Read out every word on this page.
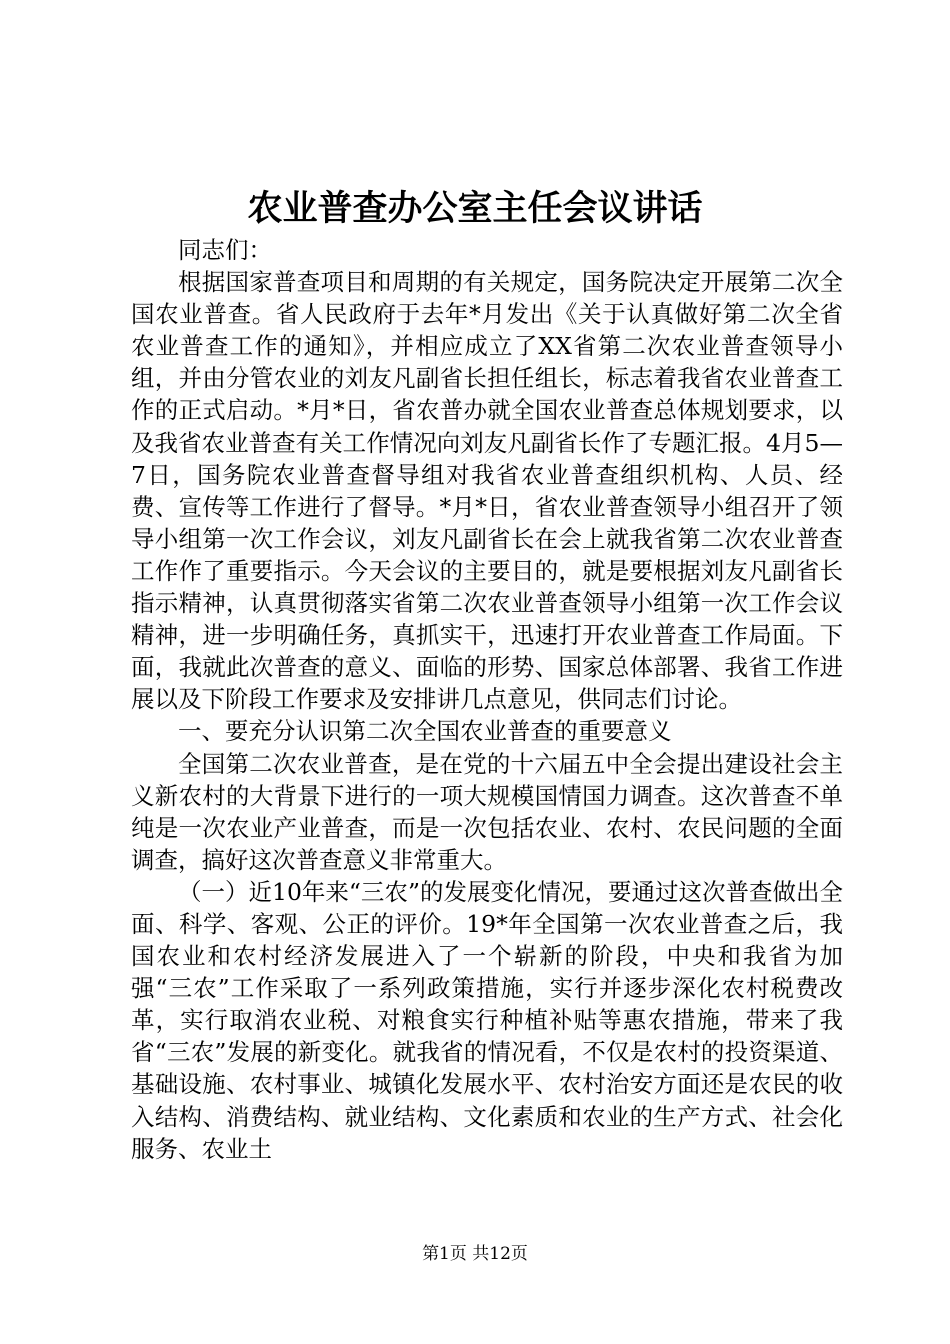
农业普查办公室主任会议讲话

同志们：

根据国家普查项目和周期的有关规定，国务院决定开展第二次全国农业普查。省人民政府于去年*月发出《关于认真做好第二次全省农业普查工作的通知》，并相应成立了XX省第二次农业普查领导小组，并由分管农业的刘友凡副省长担任组长，标志着我省农业普查工作的正式启动。*月*日，省农普办就全国农业普查总体规划要求，以及我省农业普查有关工作情况向刘友凡副省长作了专题汇报。4月5—7日，国务院农业普查督导组对我省农业普查组织机构、人员、经费、宣传等工作进行了督导。*月*日，省农业普查领导小组召开了领导小组第一次工作会议，刘友凡副省长在会上就我省第二次农业普查工作作了重要指示。今天会议的主要目的，就是要根据刘友凡副省长指示精神，认真贯彻落实省第二次农业普查领导小组第一次工作会议精神，进一步明确任务，真抓实干，迅速打开农业普查工作局面。下面，我就此次普查的意义、面临的形势、国家总体部署、我省工作进展以及下阶段工作要求及安排讲几点意见，供同志们讨论。

一、要充分认识第二次全国农业普查的重要意义

全国第二次农业普查，是在党的十六届五中全会提出建设社会主义新农村的大背景下进行的一项大规模国情国力调查。这次普查不单纯是一次农业产业普查，而是一次包括农业、农村、农民问题的全面调查，搞好这次普查意义非常重大。

（一）近10年来“三农”的发展变化情况，要通过这次普查做出全面、科学、客观、公正的评价。19*年全国第一次农业普查之后，我国农业和农村经济发展进入了一个崭新的阶段，中央和我省为加强“三农”工作采取了一系列政策措施，实行并逐步深化农村税费改革，实行取消农业税、对粮食实行种植补贴等惠农措施，带来了我省“三农”发展的新变化。就我省的情况看，不仅是农村的投资渠道、基础设施、农村事业、城镇化发展水平、农村治安方面还是农民的收入结构、消费结构、就业结构、文化素质和农业的生产方式、社会化服务、农业土

第1页 共12页
